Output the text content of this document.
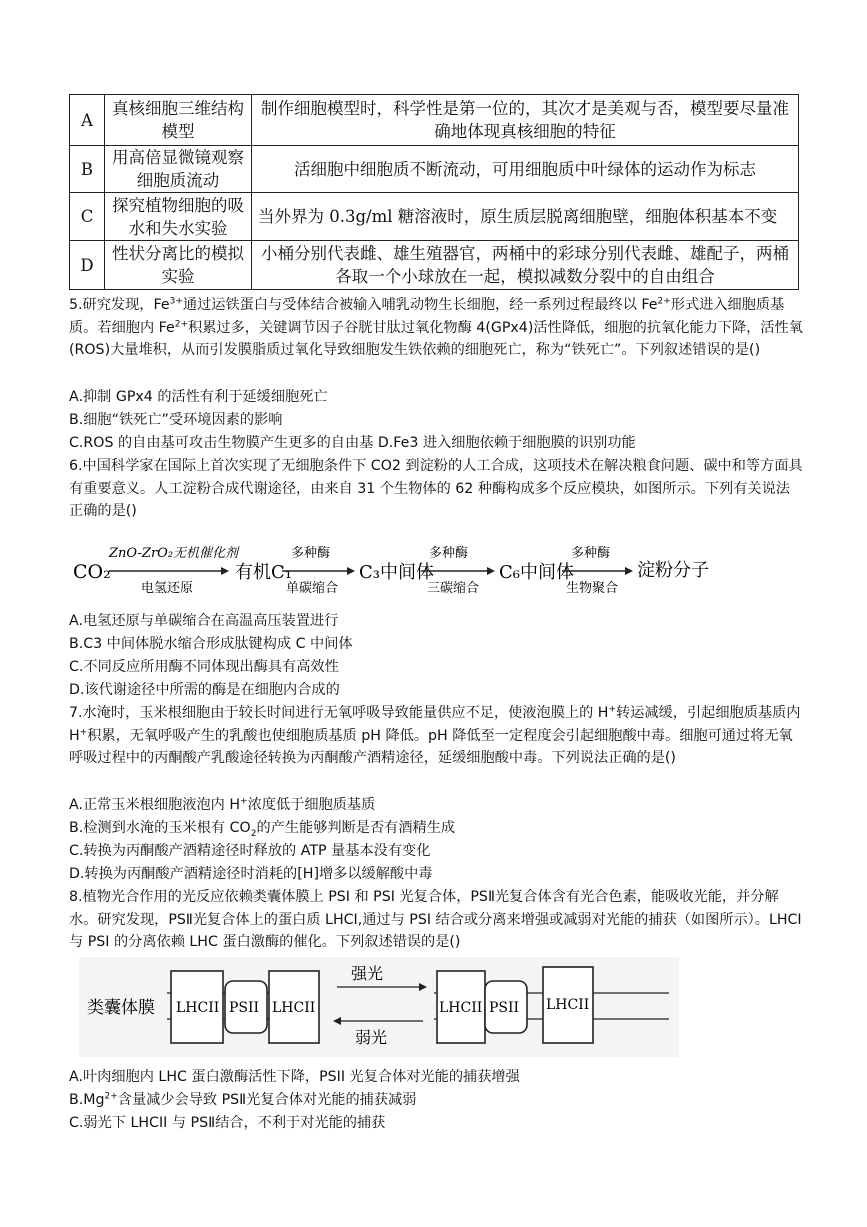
A	真核细胞三维结构模型	制作细胞模型时，科学性是第一位的，其次才是美观与否，模型要尽量准确地体现真核细胞的特征
B	用高倍显微镜观察细胞质流动	活细胞中细胞质不断流动，可用细胞质中叶绿体的运动作为标志
C	探究植物细胞的吸水和失水实验	当外界为 0.3g/ml 糖溶液时，原生质层脱离细胞壁，细胞体积基本不变
D	性状分离比的模拟实验	小桶分别代表雌、雄生殖器官，两桶中的彩球分别代表雌、雄配子，两桶各取一个小球放在一起，模拟减数分裂中的自由组合

5.研究发现，$Fe^{3+}$通过运铁蛋白与受体结合被输入哺乳动物生长细胞，经一系列过程最终以 $Fe^{2+}$形式进入细胞质基质。若细胞内 $Fe^{2+}$积累过多，关键调节因子谷胱甘肽过氧化物酶 4(GPx4)活性降低，细胞的抗氧化能力下降，活性氧(ROS)大量堆积，从而引发膜脂质过氧化导致细胞发生铁依赖的细胞死亡，称为“铁死亡”。下列叙述错误的是()

A.抑制 GPx4 的活性有利于延缓细胞死亡

B.细胞“铁死亡”受环境因素的影响

C.ROS 的自由基可攻击生物膜产生更多的自由基 D.Fe3 进入细胞依赖于细胞膜的识别功能

6.中国科学家在国际上首次实现了无细胞条件下 CO2 到淀粉的人工合成，这项技术在解决粮食问题、碳中和等方面具有重要意义。人工淀粉合成代谢途径，由来自 31 个生物体的 62 种酶构成多个反应模块，如图所示。下列有关说法正确的是()

CO₂
ZnO-ZrO₂无机催化剂
电氢还原
有机C₁
多种酶
单碳缩合
C₃中间体
多种酶
三碳缩合
C₆中间体
多种酶
生物聚合
淀粉分子

A.电氢还原与单碳缩合在高温高压装置进行

B.C3 中间体脱水缩合形成肽键构成 C 中间体

C.不同反应所用酶不同体现出酶具有高效性

D.该代谢途径中所需的酶是在细胞内合成的

7.水淹时，玉米根细胞由于较长时间进行无氧呼吸导致能量供应不足，使液泡膜上的 H+转运减缓，引起细胞质基质内 H+积累，无氧呼吸产生的乳酸也使细胞质基质 pH 降低。pH 降低至一定程度会引起细胞酸中毒。细胞可通过将无氧呼吸过程中的丙酮酸产乳酸途径转换为丙酮酸产酒精途径，延缓细胞酸中毒。下列说法正确的是()

A.正常玉米根细胞液泡内 H+浓度低于细胞质基质

B.检测到水淹的玉米根有 $CO_2$的产生能够判断是否有酒精生成

C.转换为丙酮酸产酒精途径时释放的 ATP 量基本没有变化

D.转换为丙酮酸产酒精途径时消耗的[H]增多以缓解酸中毒

8.植物光合作用的光反应依赖类囊体膜上 PSI 和 PSI 光复合体，PSⅡ光复合体含有光合色素，能吸收光能，并分解水。研究发现，PSⅡ光复合体上的蛋白质 LHCI,通过与 PSI 结合或分离来增强或减弱对光能的捕获（如图所示）。LHCI 与 PSI 的分离依赖 LHC 蛋白激酶的催化。下列叙述错误的是()

类囊体膜 LHCII PSII LHCII
强光
弱光
LHCII PSII LHCII

A.叶肉细胞内 LHC 蛋白激酶活性下降，PSII 光复合体对光能的捕获增强

$B.Mg^{2+}$含量减少会导致 PSⅡ光复合体对光能的捕获减弱

C.弱光下 LHCII 与 PSⅡ结合，不利于对光能的捕获
